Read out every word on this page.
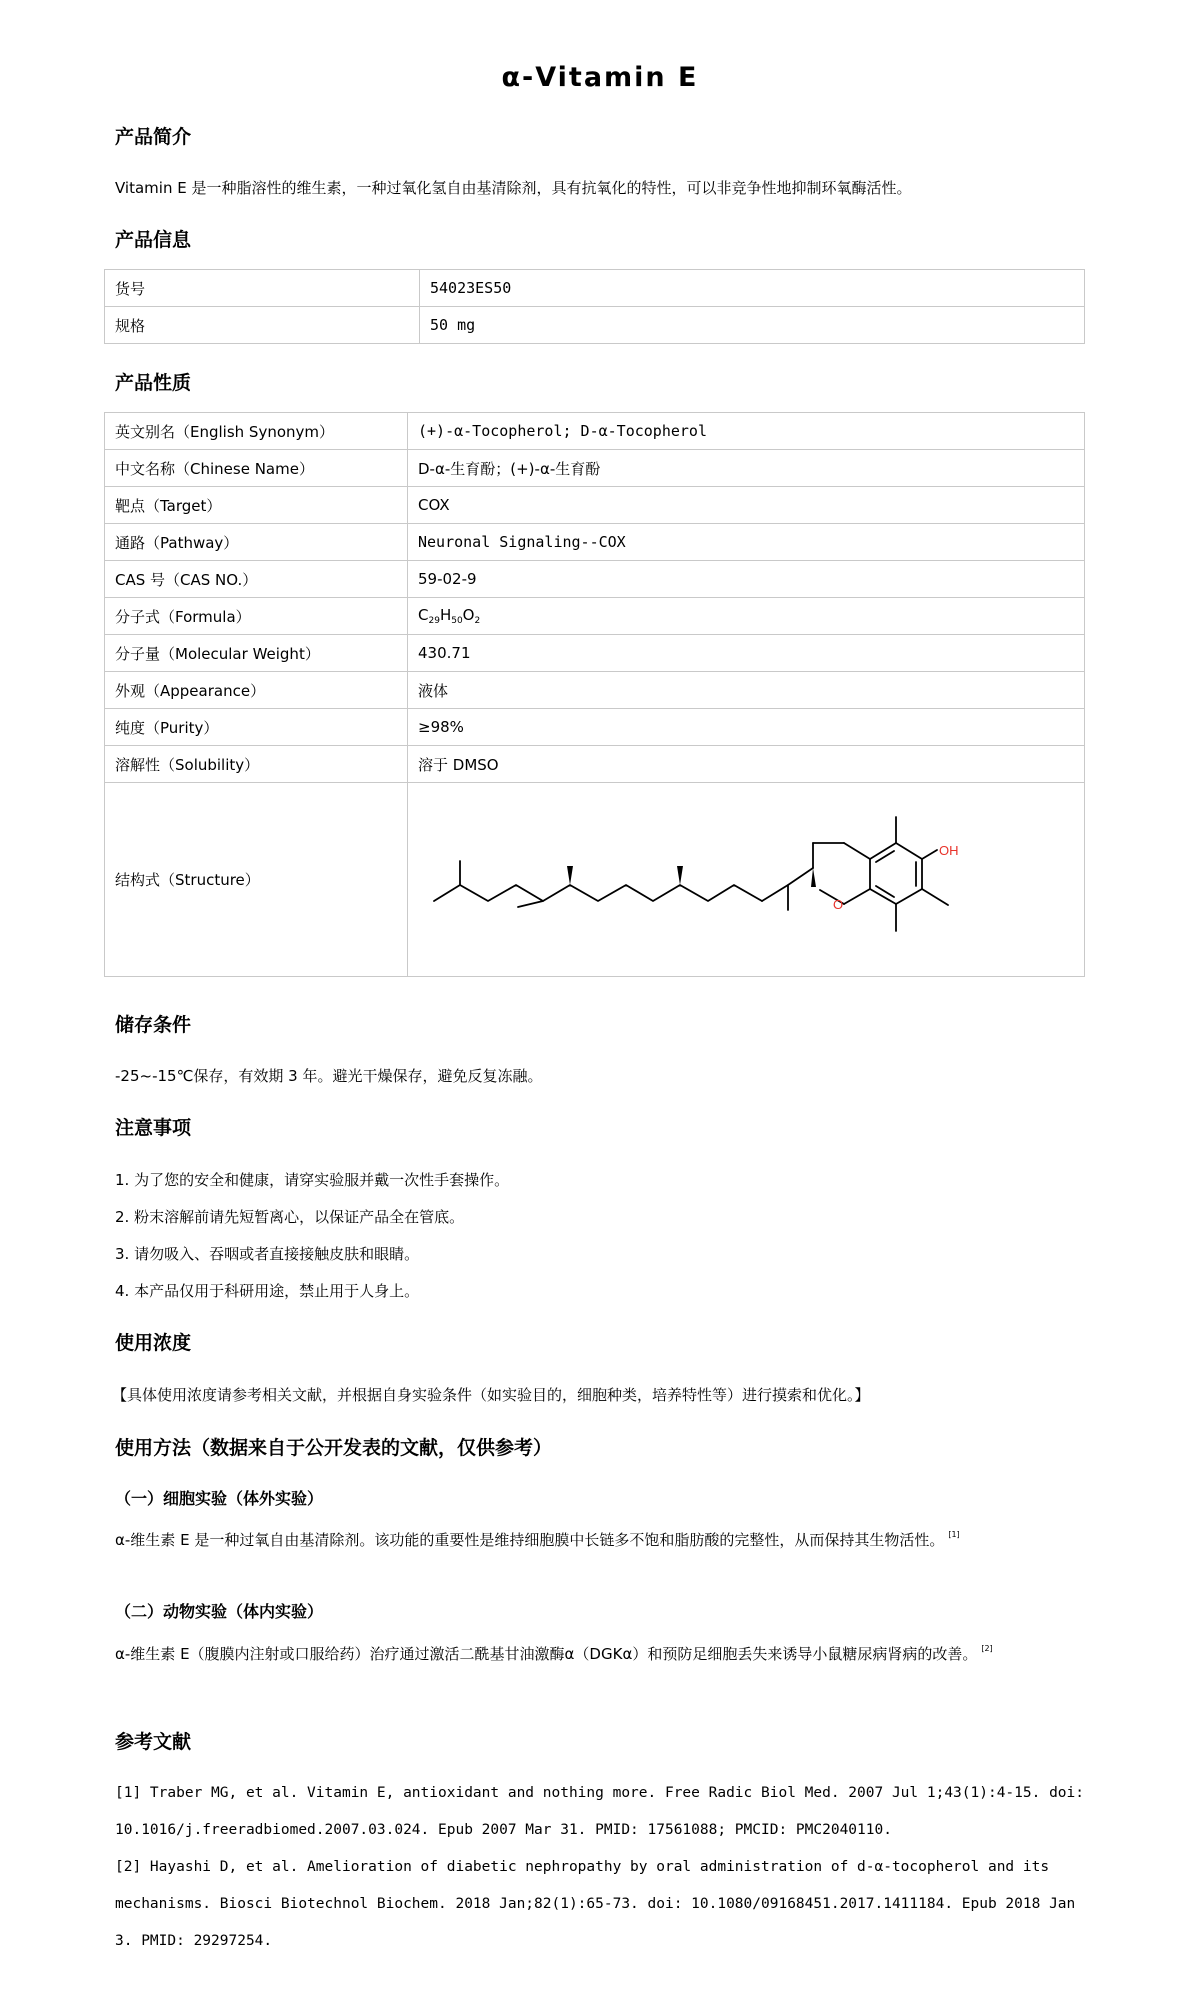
α-Vitamin E
产品简介
Vitamin E 是一种脂溶性的维生素，一种过氧化氢自由基清除剂，具有抗氧化的特性，可以非竞争性地抑制环氧酶活性。
产品信息
货号	54023ES50
规格	50 mg
产品性质
英文别名（English Synonym）	(+)-α-Tocopherol; D-α-Tocopherol
中文名称（Chinese Name）	D-α-生育酚；(+)-α-生育酚
靶点（Target）	COX
通路（Pathway）	Neuronal Signaling--COX
CAS 号（CAS NO.）	59-02-9
分子式（Formula）	$C_{29}H_{50}O_2$
分子量（Molecular Weight）	430.71
外观（Appearance）	液体
纯度（Purity）	≥98%
溶解性（Solubility）	溶于 DMSO
结构式（Structure）	OH
O
储存条件
-25~-15℃保存，有效期 3 年。避光干燥保存，避免反复冻融。
注意事项
1. 为了您的安全和健康，请穿实验服并戴一次性手套操作。
2. 粉末溶解前请先短暂离心，以保证产品全在管底。
3. 请勿吸入、吞咽或者直接接触皮肤和眼睛。
4. 本产品仅用于科研用途，禁止用于人身上。
使用浓度
【具体使用浓度请参考相关文献，并根据自身实验条件（如实验目的，细胞种类，培养特性等）进行摸索和优化。】
使用方法（数据来自于公开发表的文献，仅供参考）
（一）细胞实验（体外实验）
α-维生素 E 是一种过氧自由基清除剂。该功能的重要性是维持细胞膜中长链多不饱和脂肪酸的完整性，从而保持其生物活性。 [1]
（二）动物实验（体内实验）
α-维生素 E（腹膜内注射或口服给药）治疗通过激活二酰基甘油激酶α（DGKα）和预防足细胞丢失来诱导小鼠糖尿病肾病的改善。 [2]
参考文献
[1] Traber MG, et al. Vitamin E, antioxidant and nothing more. Free Radic Biol Med. 2007 Jul 1;43(1):4-15. doi: 10.1016/j.freeradbiomed.2007.03.024. Epub 2007 Mar 31. PMID: 17561088; PMCID: PMC2040110.
[2] Hayashi D, et al. Amelioration of diabetic nephropathy by oral administration of d-α-tocopherol and its mechanisms. Biosci Biotechnol Biochem. 2018 Jan;82(1):65-73. doi: 10.1080/09168451.2017.1411184. Epub 2018 Jan 3. PMID: 29297254.
